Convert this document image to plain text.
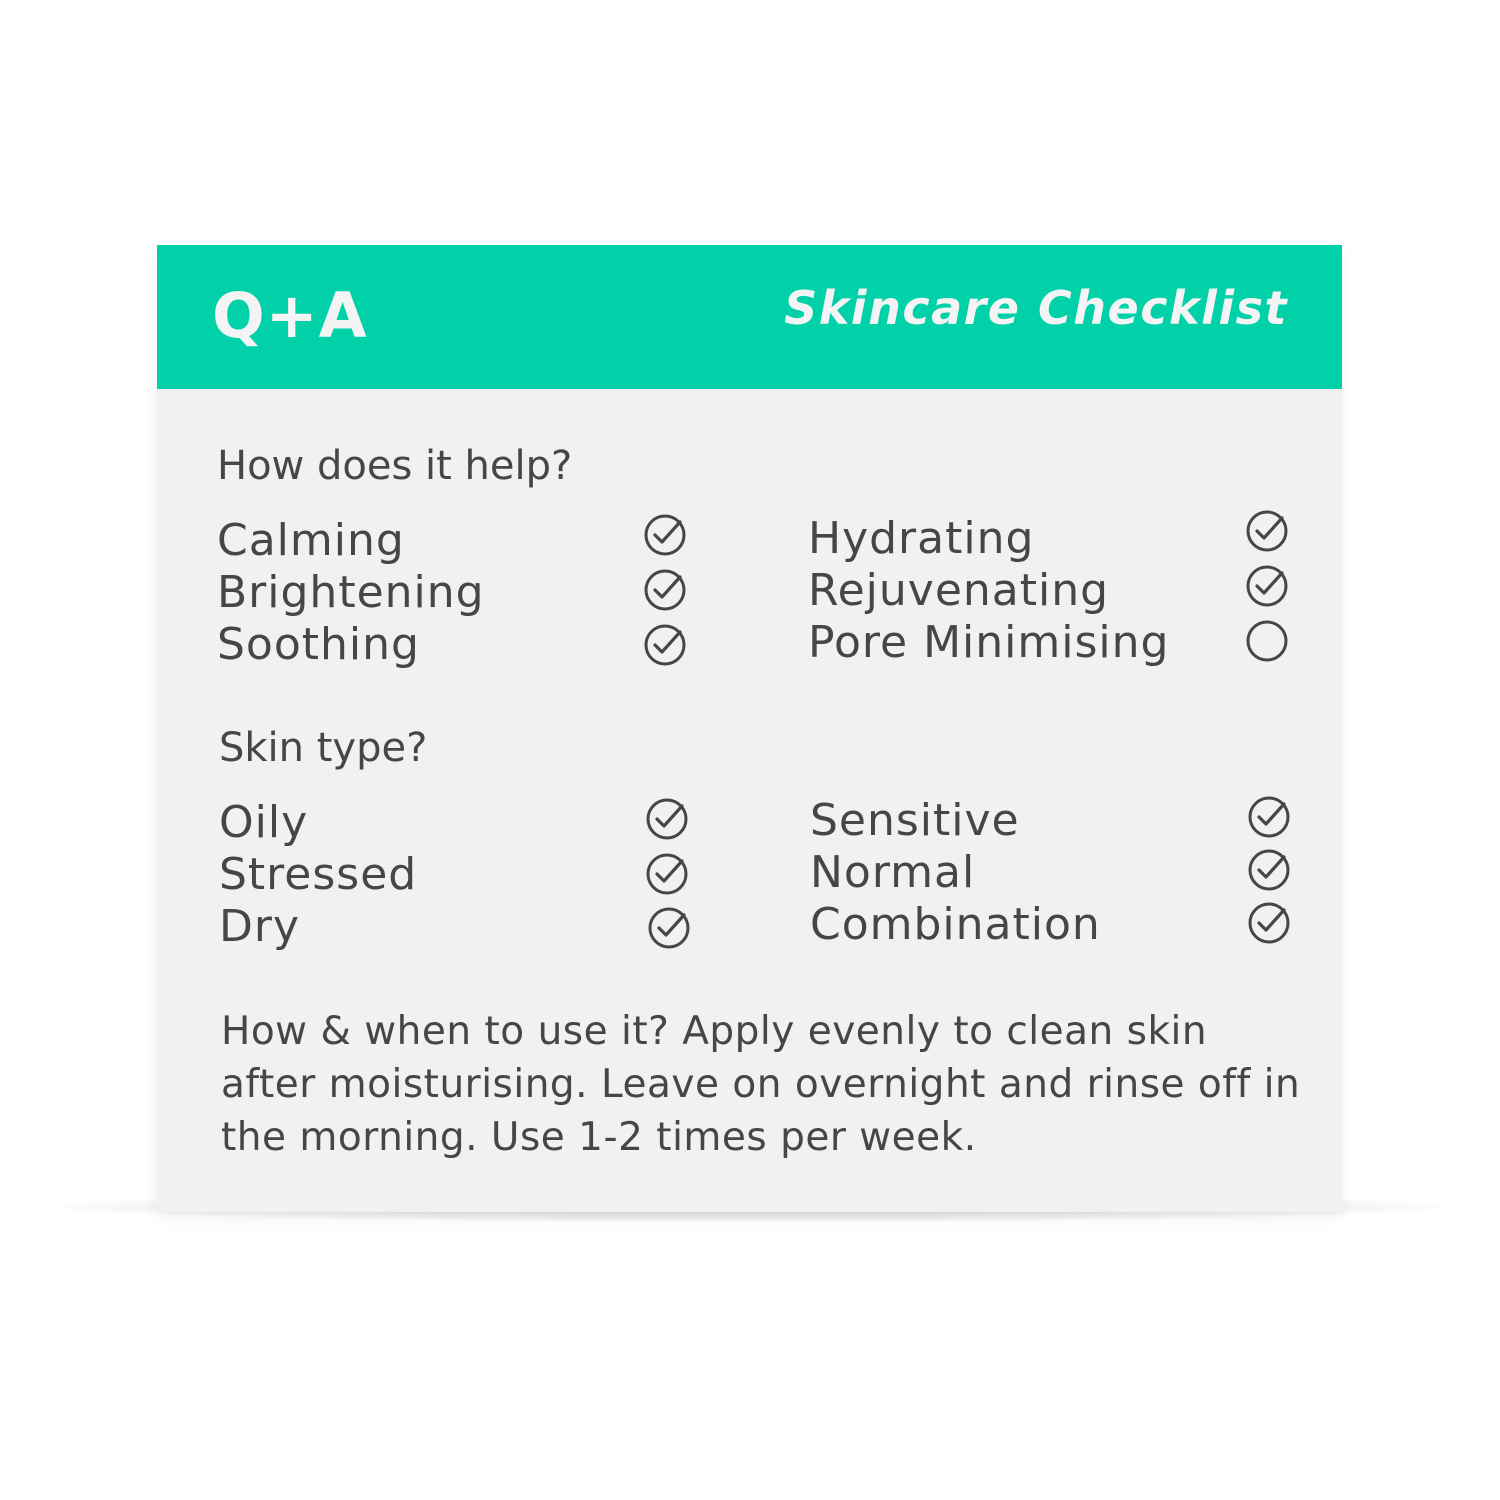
Q+A	Skincare Checklist
How does it help?
Calming
Brightening
Soothing
Hydrating
Rejuvenating
Pore Minimising
Skin type?
Oily
Stressed
Dry
Sensitive
Normal
Combination
How & when to use it? Apply evenly to clean skin after moisturising. Leave on overnight and rinse off in the morning. Use 1-2 times per week.
